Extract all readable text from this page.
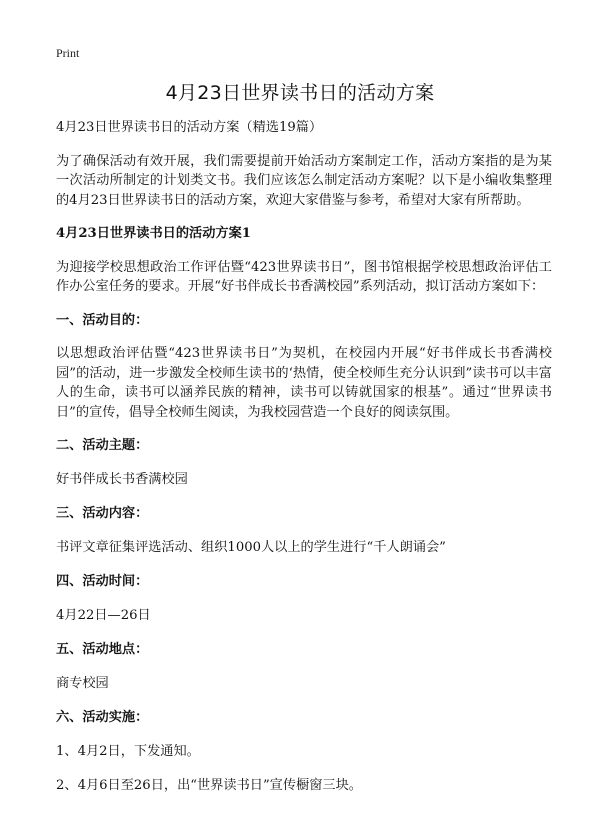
Print
4月23日世界读书日的活动方案

4月23日世界读书日的活动方案（精选19篇）

为了确保活动有效开展，我们需要提前开始活动方案制定工作，活动方案指的是为某一次活动所制定的计划类文书。我们应该怎么制定活动方案呢？以下是小编收集整理的4月23日世界读书日的活动方案，欢迎大家借鉴与参考，希望对大家有所帮助。

4月23日世界读书日的活动方案1

为迎接学校思想政治工作评估暨“423世界读书日”，图书馆根据学校思想政治评估工作办公室任务的要求。开展“好书伴成长书香满校园”系列活动，拟订活动方案如下：

一、活动目的：

以思想政治评估暨“423世界读书日”为契机，在校园内开展“好书伴成长书香满校园”的活动，进一步激发全校师生读书的‘热情，使全校师生充分认识到”读书可以丰富人的生命，读书可以涵养民族的精神，读书可以铸就国家的根基”。通过“世界读书日”的宣传，倡导全校师生阅读，为我校园营造一个良好的阅读氛围。

二、活动主题：

好书伴成长书香满校园

三、活动内容：

书评文章征集评选活动、组织1000人以上的学生进行“千人朗诵会”

四、活动时间：

4月22日—26日

五、活动地点：

商专校园

六、活动实施：

1、4月2日，下发通知。

2、4月6日至26日，出“世界读书日”宣传橱窗三块。
